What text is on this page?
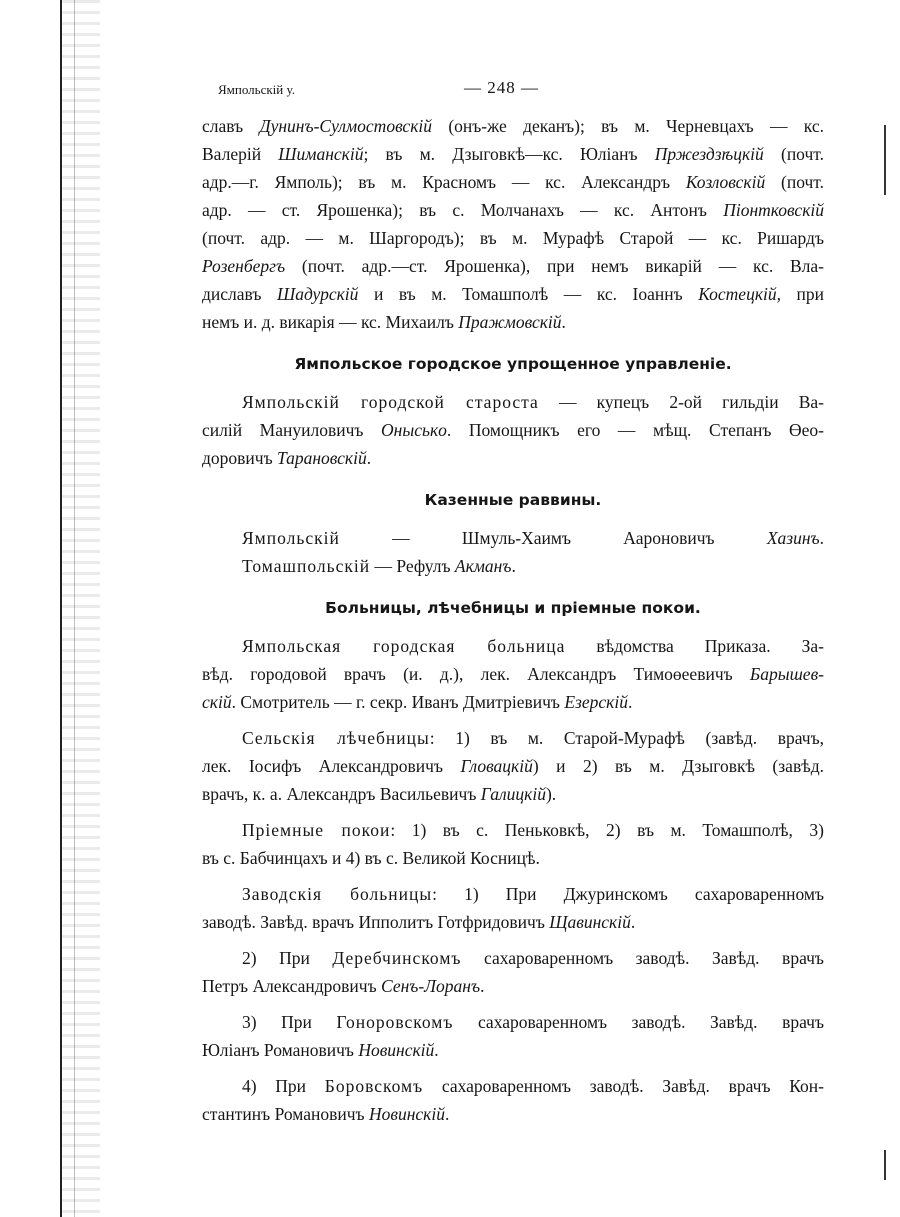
Ямпольскій у.	— 248 —
славъ Дунинъ-Сулмостовскій (онъ-же деканъ); въ м. Черневцахъ — кс.
Валерій Шиманскій; въ м. Дзыговкѣ—кс. Юліанъ Пржездзѣцкій (почт.
адр.—г. Ямполь); въ м. Красномъ — кс. Александръ Козловскій (почт.
адр. — ст. Ярошенка); въ с. Молчанахъ — кс. Антонъ Піонтковскій
(почт. адр. — м. Шаргородъ); въ м. Мурафѣ Старой — кс. Ришардъ
Розенбергъ (почт. адр.—ст. Ярошенка), при немъ викарій — кс. Вла-
диславъ Шадурскій и въ м. Томашполѣ — кс. Іоаннъ Костецкій, при
немъ и. д. викарія — кс. Михаилъ Пражмовскій.
Ямпольское городское упрощенное управленіе.
Ямпольскій городской староста — купецъ 2-ой гильдіи Ва-
силій Мануиловичъ Оныськo. Помощникъ его — мѣщ. Степанъ Өео-
доровичъ Тарановскій.
Казенные раввины.
Ямпольскій — Шмуль-Хаимъ Аароновичъ Хазинъ.
Томашпольскій — Рефулъ Акманъ.
Больницы, лѣчебницы и пріемные покои.
Ямпольская городская больница вѣдомства Приказа. За-
вѣд. городовой врачъ (и. д.), лек. Александръ Тимоөеевичъ Барышев-
скій. Смотритель — г. секр. Иванъ Дмитріевичъ Езерскій.
Сельскія лѣчебницы: 1) въ м. Старой-Мурафѣ (завѣд. врачъ,
лек. Іосифъ Александровичъ Гловацкій) и 2) въ м. Дзыговкѣ (завѣд.
врачъ, к. а. Александръ Васильевичъ Галицкій).
Пріемные покои: 1) въ с. Пеньковкѣ, 2) въ м. Томашполѣ, 3)
въ с. Бабчинцахъ и 4) въ с. Великой Косницѣ.
Заводскія больницы: 1) При Джуринскомъ сахароваренномъ
заводѣ. Завѣд. врачъ Ипполитъ Готфридовичъ Щавинскій.
2) При Деребчинскомъ сахароваренномъ заводѣ. Завѣд. врачъ
Петръ Александровичъ Сенъ-Лоранъ.
3) При Гоноровскомъ сахароваренномъ заводѣ. Завѣд. врачъ
Юліанъ Романовичъ Новинскій.
4) При Боровскомъ сахароваренномъ заводѣ. Завѣд. врачъ Кон-
стантинъ Романовичъ Новинскій.
